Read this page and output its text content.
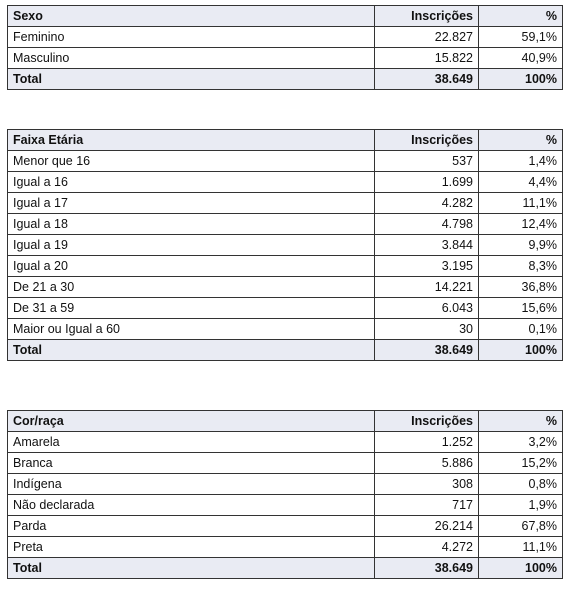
Sexo	Inscrições	%
Feminino	22.827	59,1%
Masculino	15.822	40,9%
Total	38.649	100%
Faixa Etária	Inscrições	%
Menor que 16	537	1,4%
Igual a 16	1.699	4,4%
Igual a 17	4.282	11,1%
Igual a 18	4.798	12,4%
Igual a 19	3.844	9,9%
Igual a 20	3.195	8,3%
De 21 a 30	14.221	36,8%
De 31 a 59	6.043	15,6%
Maior ou Igual a 60	30	0,1%
Total	38.649	100%
Cor/raça	Inscrições	%
Amarela	1.252	3,2%
Branca	5.886	15,2%
Indígena	308	0,8%
Não declarada	717	1,9%
Parda	26.214	67,8%
Preta	4.272	11,1%
Total	38.649	100%
